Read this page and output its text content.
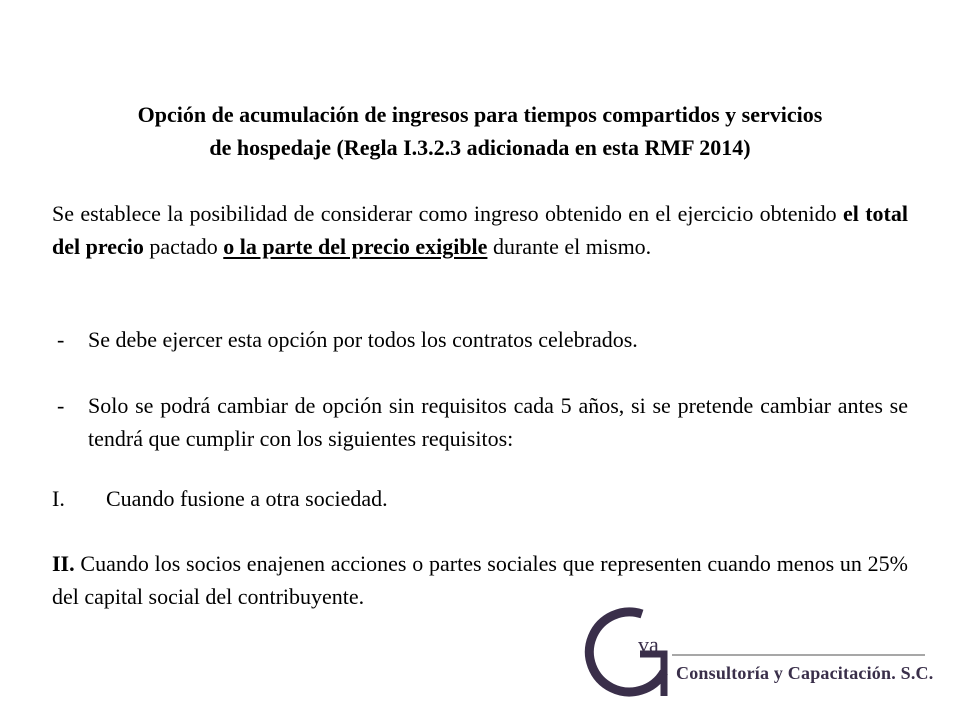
Opción de acumulación de ingresos para tiempos compartidos y servicios
de hospedaje (Regla I.3.2.3 adicionada en esta RMF 2014)

Se establece la posibilidad de considerar como ingreso obtenido en el ejercicio obtenido el total del precio pactado o la parte del precio exigible durante el mismo.

- Se debe ejercer esta opción por todos los contratos celebrados.
- Solo se podrá cambiar de opción sin requisitos cada 5 años, si se pretende cambiar antes se tendrá que cumplir con los siguientes requisitos:
I. Cuando fusione a otra sociedad.
II. Cuando los socios enajenen acciones o partes sociales que representen cuando menos un 25% del capital social del contribuyente.
va
Consultoría y Capacitación. S.C.
